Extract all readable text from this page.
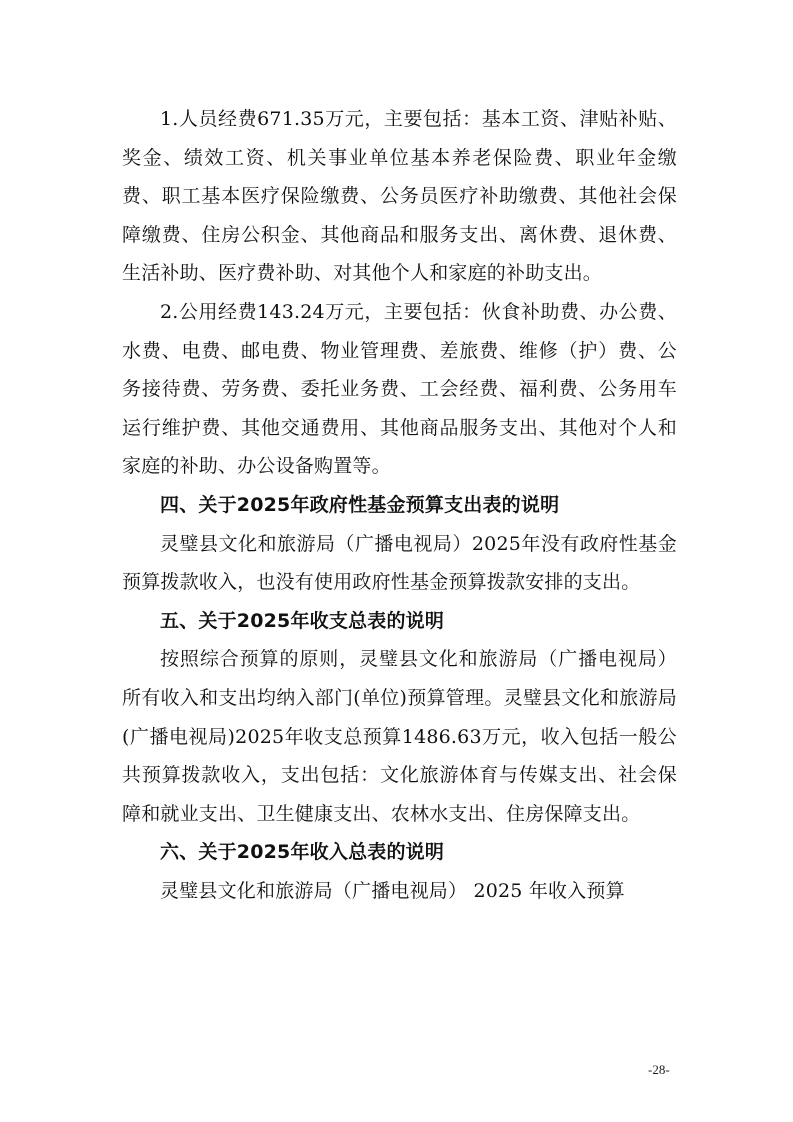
1.人员经费671.35万元，主要包括：基本工资、津贴补贴、奖金、绩效工资、机关事业单位基本养老保险费、职业年金缴费、职工基本医疗保险缴费、公务员医疗补助缴费、其他社会保障缴费、住房公积金、其他商品和服务支出、离休费、退休费、生活补助、医疗费补助、对其他个人和家庭的补助支出。

2.公用经费143.24万元，主要包括：伙食补助费、办公费、水费、电费、邮电费、物业管理费、差旅费、维修（护）费、公务接待费、劳务费、委托业务费、工会经费、福利费、公务用车运行维护费、其他交通费用、其他商品服务支出、其他对个人和家庭的补助、办公设备购置等。

四、关于2025年政府性基金预算支出表的说明

灵璧县文化和旅游局（广播电视局）2025年没有政府性基金预算拨款收入，也没有使用政府性基金预算拨款安排的支出。

五、关于2025年收支总表的说明

按照综合预算的原则，灵璧县文化和旅游局（广播电视局）所有收入和支出均纳入部门(单位)预算管理。灵璧县文化和旅游局(广播电视局)2025年收支总预算1486.63万元，收入包括一般公共预算拨款收入，支出包括：文化旅游体育与传媒支出、社会保障和就业支出、卫生健康支出、农林水支出、住房保障支出。

六、关于2025年收入总表的说明

灵璧县文化和旅游局（广播电视局） 2025 年收入预算

-28-
